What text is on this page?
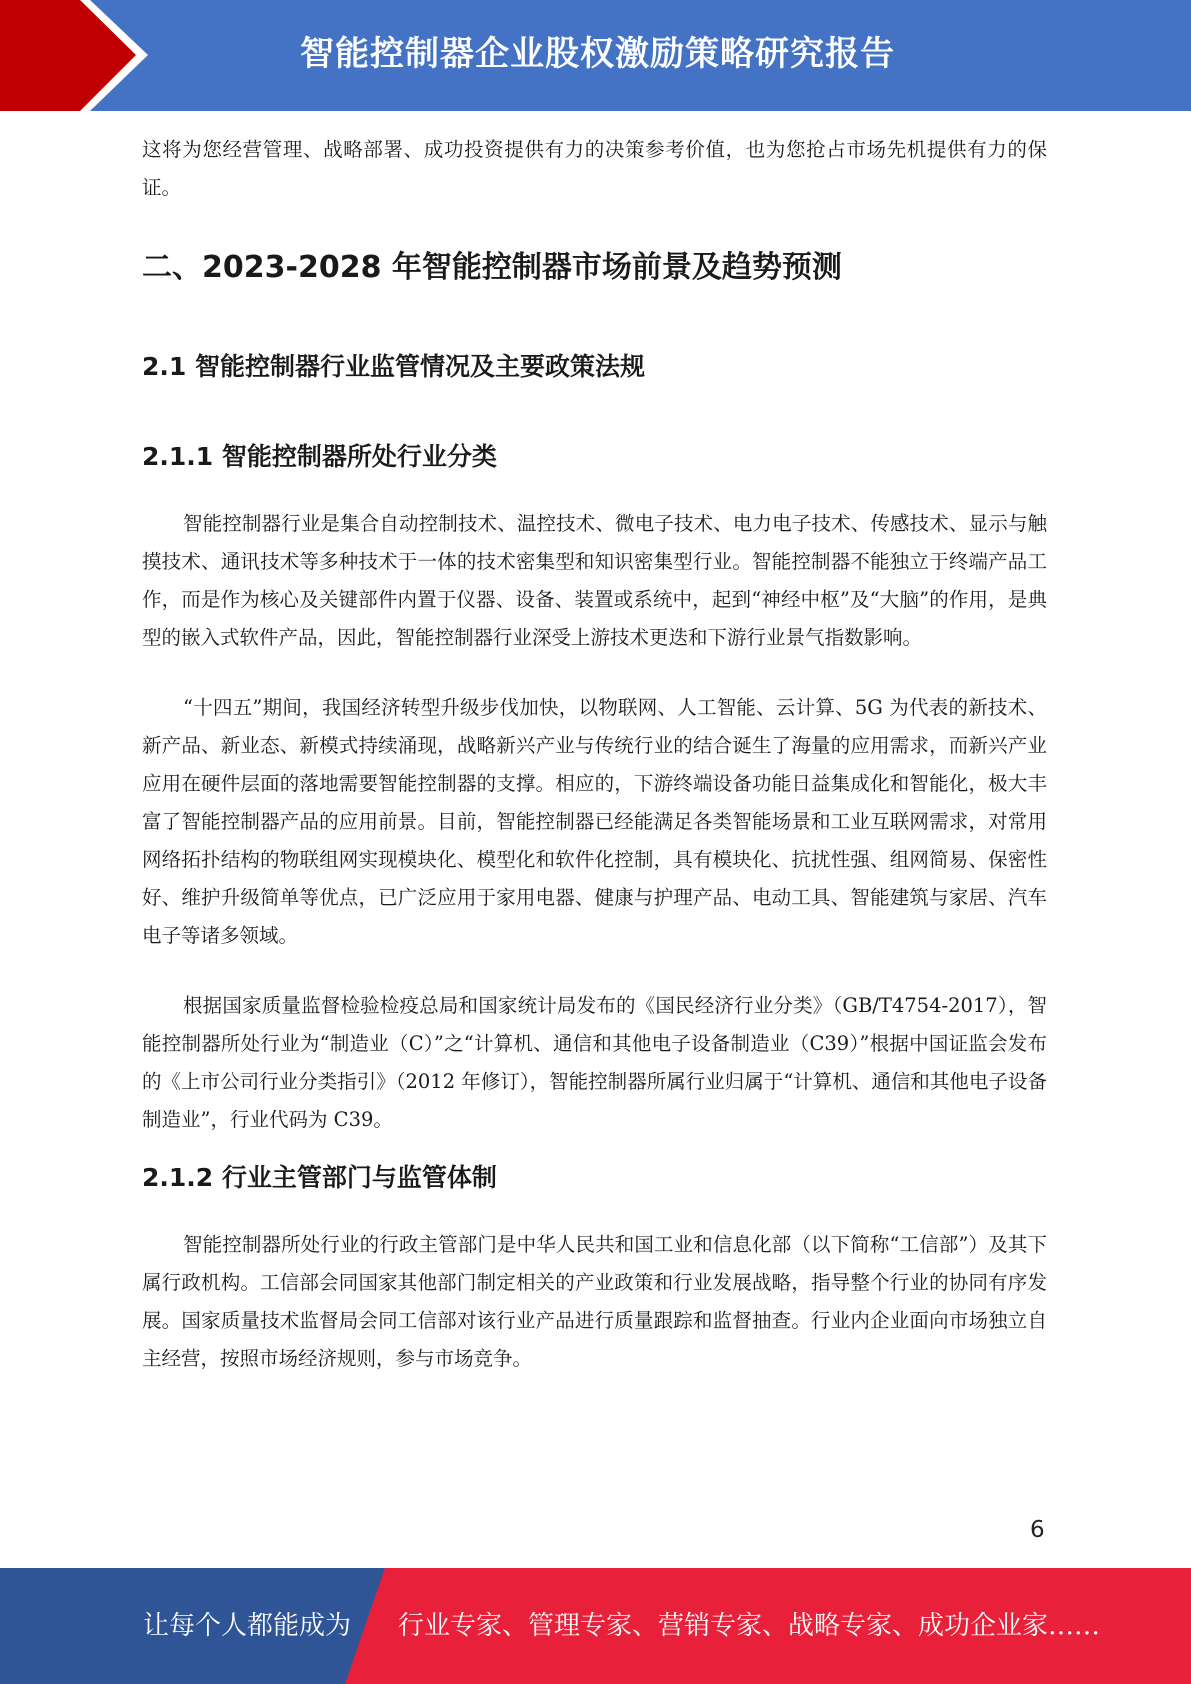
智能控制器企业股权激励策略研究报告

这将为您经营管理、战略部署、成功投资提供有力的决策参考价值，也为您抢占市场先机提供有力的保证。

二、2023-2028 年智能控制器市场前景及趋势预测
2.1 智能控制器行业监管情况及主要政策法规
2.1.1 智能控制器所处行业分类

智能控制器行业是集合自动控制技术、温控技术、微电子技术、电力电子技术、传感技术、显示与触摸技术、通讯技术等多种技术于一体的技术密集型和知识密集型行业。智能控制器不能独立于终端产品工作，而是作为核心及关键部件内置于仪器、设备、装置或系统中，起到“神经中枢”及“大脑”的作用，是典型的嵌入式软件产品，因此，智能控制器行业深受上游技术更迭和下游行业景气指数影响。

“十四五”期间，我国经济转型升级步伐加快，以物联网、人工智能、云计算、5G 为代表的新技术、新产品、新业态、新模式持续涌现，战略新兴产业与传统行业的结合诞生了海量的应用需求，而新兴产业应用在硬件层面的落地需要智能控制器的支撑。相应的，下游终端设备功能日益集成化和智能化，极大丰富了智能控制器产品的应用前景。目前，智能控制器已经能满足各类智能场景和工业互联网需求，对常用网络拓扑结构的物联组网实现模块化、模型化和软件化控制，具有模块化、抗扰性强、组网简易、保密性好、维护升级简单等优点，已广泛应用于家用电器、健康与护理产品、电动工具、智能建筑与家居、汽车电子等诸多领域。

根据国家质量监督检验检疫总局和国家统计局发布的《国民经济行业分类》（GB/T4754-2017），智能控制器所处行业为“制造业（C）”之“计算机、通信和其他电子设备制造业（C39）”根据中国证监会发布的《上市公司行业分类指引》（2012 年修订），智能控制器所属行业归属于“计算机、通信和其他电子设备制造业”，行业代码为 C39。

2.1.2 行业主管部门与监管体制

智能控制器所处行业的行政主管部门是中华人民共和国工业和信息化部（以下简称“工信部”）及其下属行政机构。工信部会同国家其他部门制定相关的产业政策和行业发展战略，指导整个行业的协同有序发展。国家质量技术监督局会同工信部对该行业产品进行质量跟踪和监督抽查。行业内企业面向市场独立自主经营，按照市场经济规则，参与市场竞争。

6
让每个人都能成为 行业专家、管理专家、营销专家、战略专家、成功企业家……
